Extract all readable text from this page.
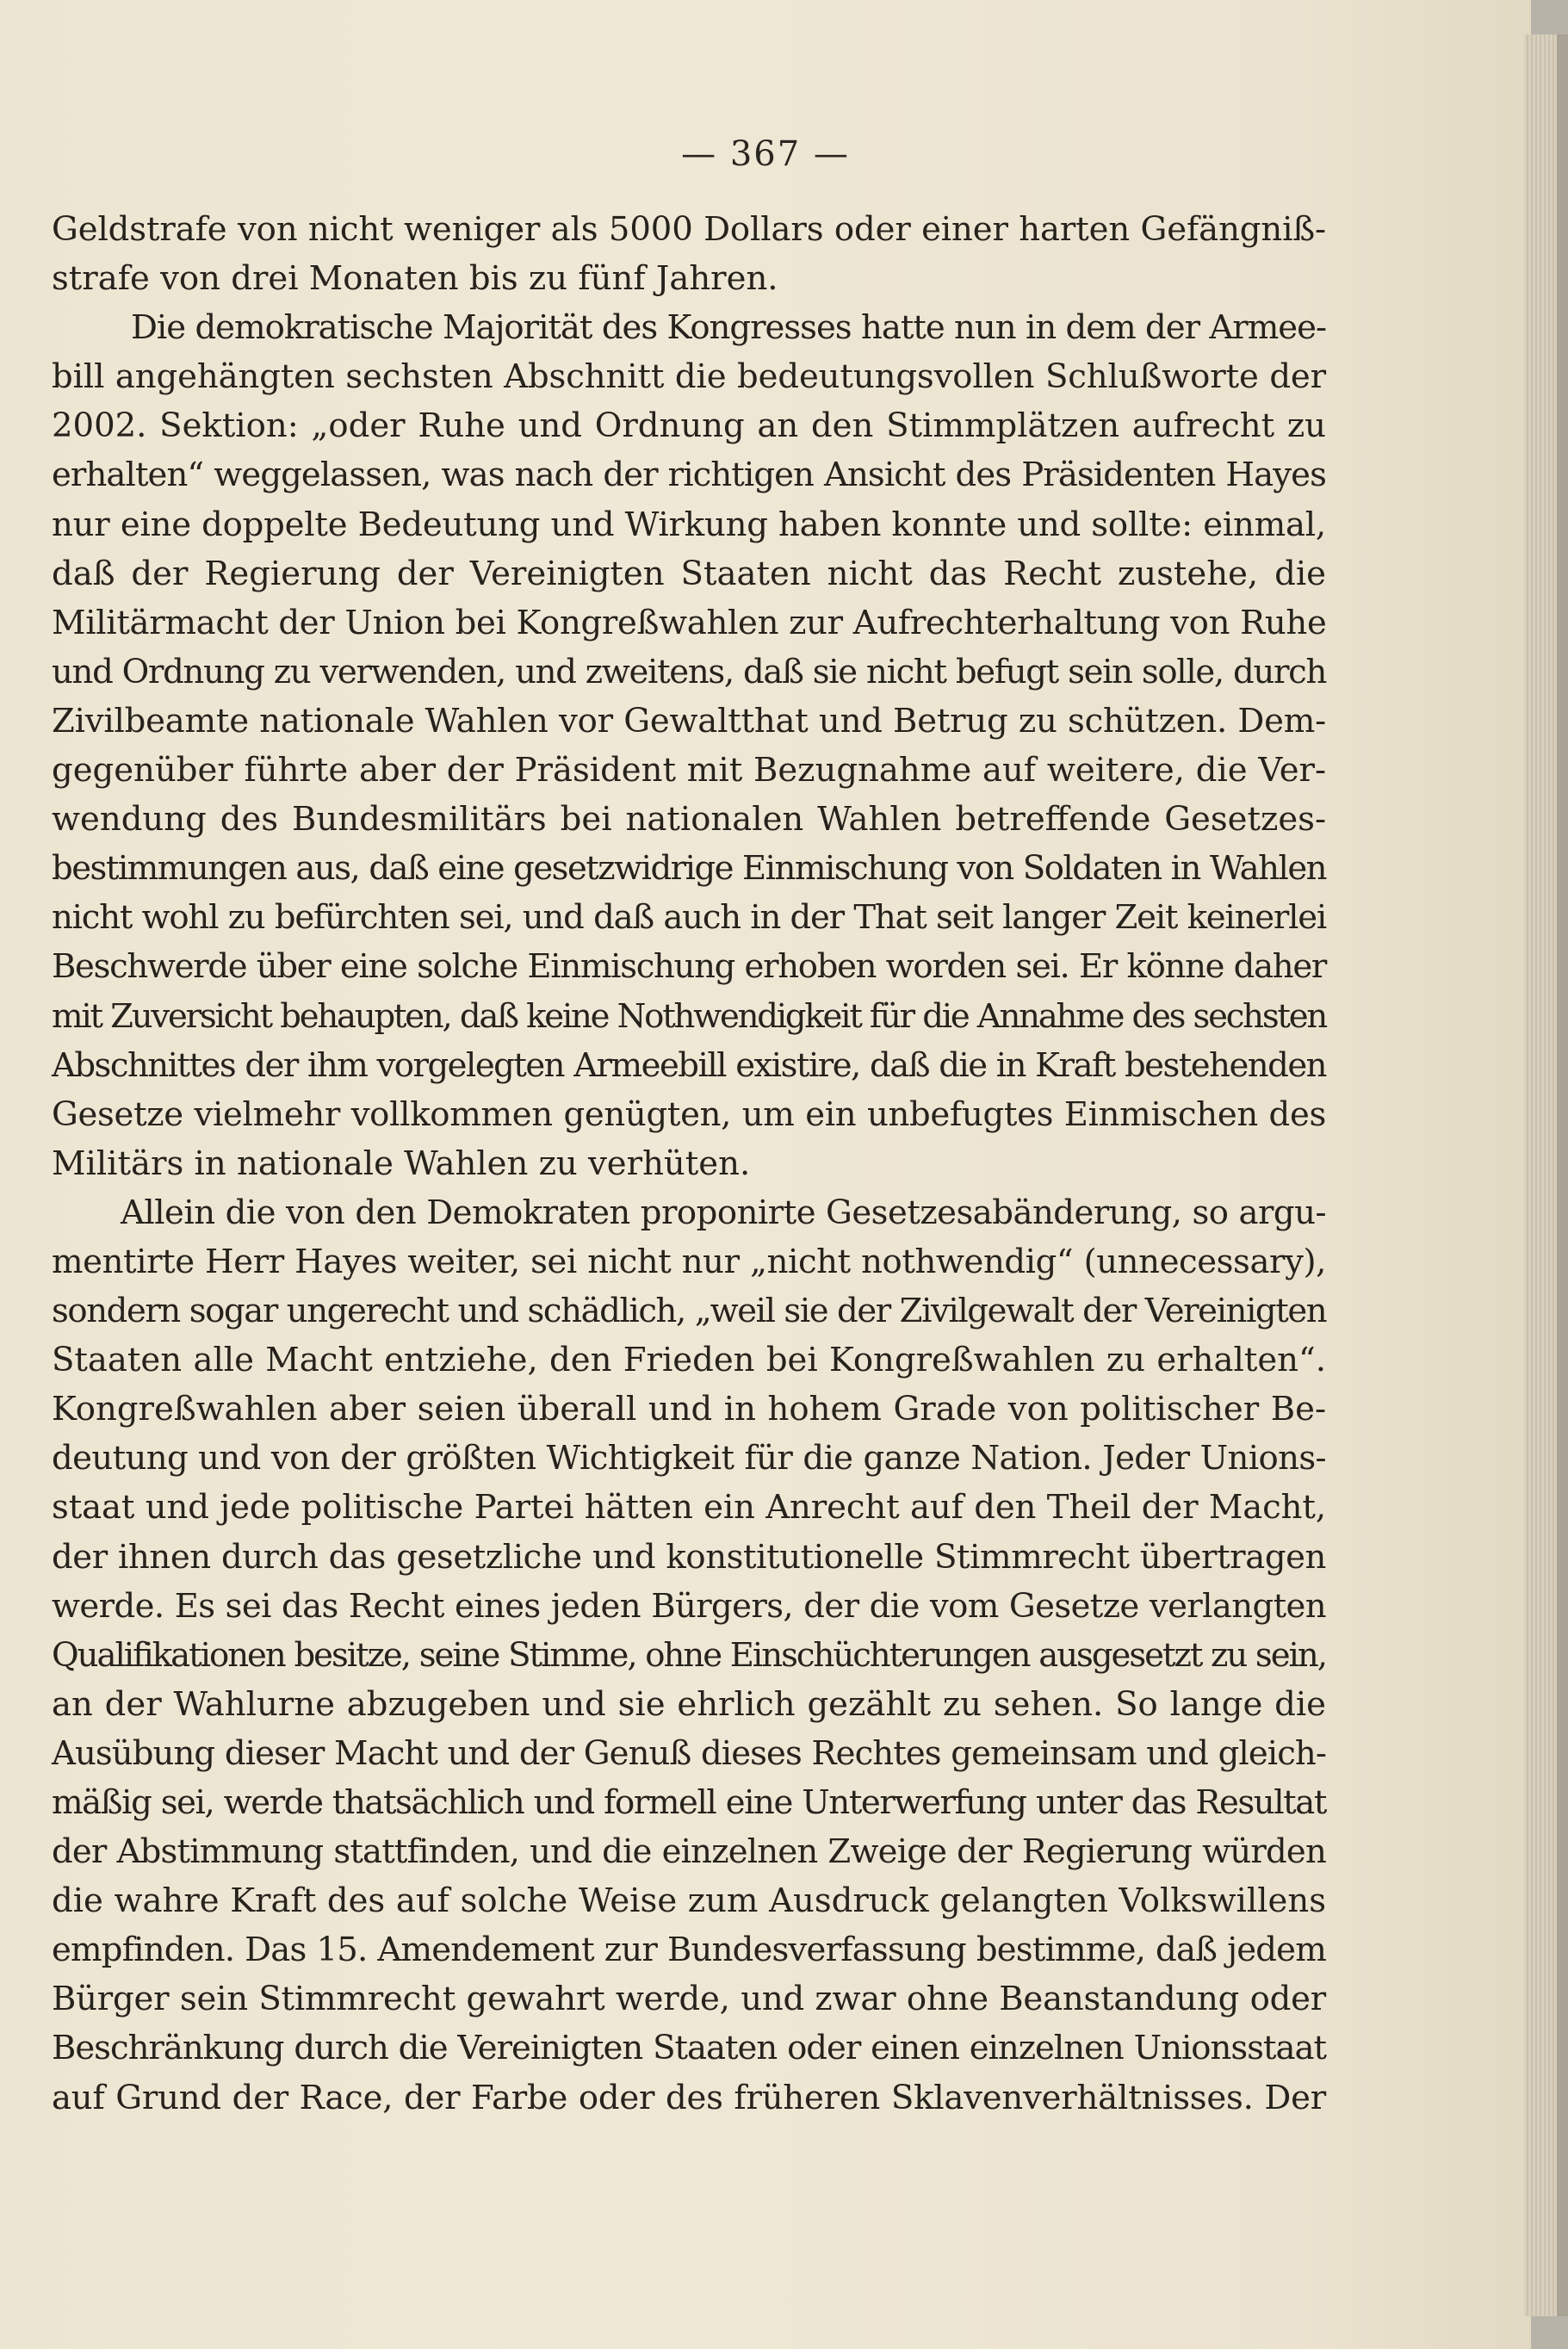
— 367 —
Geldstrafe von nicht weniger als 5000 Dollars oder einer harten Gefängniß-
strafe von drei Monaten bis zu fünf Jahren.
Die demokratische Majorität des Kongresses hatte nun in dem der Armee-
bill angehängten sechsten Abschnitt die bedeutungsvollen Schlußworte der
2002. Sektion: „oder Ruhe und Ordnung an den Stimmplätzen aufrecht zu
erhalten“ weggelassen, was nach der richtigen Ansicht des Präsidenten Hayes
nur eine doppelte Bedeutung und Wirkung haben konnte und sollte: einmal,
daß der Regierung der Vereinigten Staaten nicht das Recht zustehe, die
Militärmacht der Union bei Kongreßwahlen zur Aufrechterhaltung von Ruhe
und Ordnung zu verwenden, und zweitens, daß sie nicht befugt sein solle, durch
Zivilbeamte nationale Wahlen vor Gewaltthat und Betrug zu schützen. Dem-
gegenüber führte aber der Präsident mit Bezugnahme auf weitere, die Ver-
wendung des Bundesmilitärs bei nationalen Wahlen betreffende Gesetzes-
bestimmungen aus, daß eine gesetzwidrige Einmischung von Soldaten in Wahlen
nicht wohl zu befürchten sei, und daß auch in der That seit langer Zeit keinerlei
Beschwerde über eine solche Einmischung erhoben worden sei. Er könne daher
mit Zuversicht behaupten, daß keine Nothwendigkeit für die Annahme des sechsten
Abschnittes der ihm vorgelegten Armeebill existire, daß die in Kraft bestehenden
Gesetze vielmehr vollkommen genügten, um ein unbefugtes Einmischen des
Militärs in nationale Wahlen zu verhüten.
Allein die von den Demokraten proponirte Gesetzesabänderung, so argu-
mentirte Herr Hayes weiter, sei nicht nur „nicht nothwendig“ (unnecessary),
sondern sogar ungerecht und schädlich, „weil sie der Zivilgewalt der Vereinigten
Staaten alle Macht entziehe, den Frieden bei Kongreßwahlen zu erhalten“.
Kongreßwahlen aber seien überall und in hohem Grade von politischer Be-
deutung und von der größten Wichtigkeit für die ganze Nation. Jeder Unions-
staat und jede politische Partei hätten ein Anrecht auf den Theil der Macht,
der ihnen durch das gesetzliche und konstitutionelle Stimmrecht übertragen
werde. Es sei das Recht eines jeden Bürgers, der die vom Gesetze verlangten
Qualifikationen besitze, seine Stimme, ohne Einschüchterungen ausgesetzt zu sein,
an der Wahlurne abzugeben und sie ehrlich gezählt zu sehen. So lange die
Ausübung dieser Macht und der Genuß dieses Rechtes gemeinsam und gleich-
mäßig sei, werde thatsächlich und formell eine Unterwerfung unter das Resultat
der Abstimmung stattfinden, und die einzelnen Zweige der Regierung würden
die wahre Kraft des auf solche Weise zum Ausdruck gelangten Volkswillens
empfinden. Das 15. Amendement zur Bundesverfassung bestimme, daß jedem
Bürger sein Stimmrecht gewahrt werde, und zwar ohne Beanstandung oder
Beschränkung durch die Vereinigten Staaten oder einen einzelnen Unionsstaat
auf Grund der Race, der Farbe oder des früheren Sklavenverhältnisses. Der
